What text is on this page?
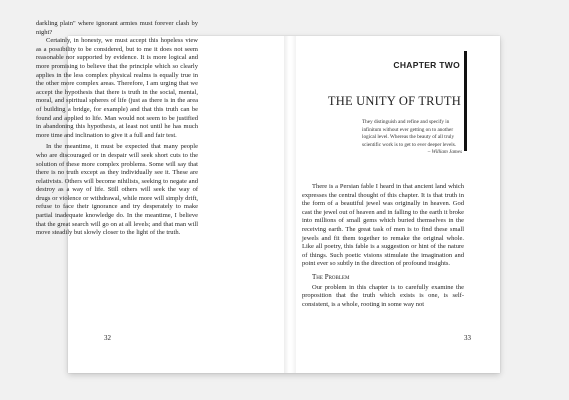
darkling plain" where ignorant armies must forever clash by night?

Certainly, in honesty, we must accept this hopeless view as a possibility to be considered, but to me it does not seem reasonable nor supported by evidence. It is more logical and more promising to believe that the principle which so clearly applies in the less complex physical realms is equally true in the other more complex areas. Therefore, I am urging that we accept the hypothesis that there is truth in the social, mental, moral, and spiritual spheres of life (just as there is in the area of building a bridge, for example) and that this truth can be found and applied to life. Man would not seem to be justified in abandoning this hypothesis, at least not until he has much more time and inclination to give it a full and fair test.

In the meantime, it must be expected that many people who are discouraged or in despair will seek short cuts to the solution of these more complex problems. Some will say that there is no truth except as they individually see it. These are relativists. Others will become nihilists, seeking to negate and destroy as a way of life. Still others will seek the way of drugs or violence or withdrawal, while more will simply drift, refuse to face their ignorance and try desperately to make partial inadequate knowledge do. In the meantime, I believe that the great search will go on at all levels; and that man will move steadily but slowly closer to the light of the truth.

32
CHAPTER TWO
THE UNITY OF TRUTH
They distinguish and refine and specify in infinitum without ever getting on to another logical level. Whereas the beauty of all truly scientific work is to get to ever deeper levels.
– William James

There is a Persian fable I heard in that ancient land which expresses the central thought of this chapter. It is that truth in the form of a beautiful jewel was originally in heaven. God cast the jewel out of heaven and in falling to the earth it broke into millions of small gems which buried themselves in the receiving earth. The great task of men is to find these small jewels and fit them together to remake the original whole. Like all poetry, this fable is a suggestion or hint of the nature of things. Such poetic visions stimulate the imagination and point ever so subtly in the direction of profound insights.

The Problem

Our problem in this chapter is to carefully examine the proposition that the truth which exists is one, is self-consistent, is a whole, rooting in some way not

33
